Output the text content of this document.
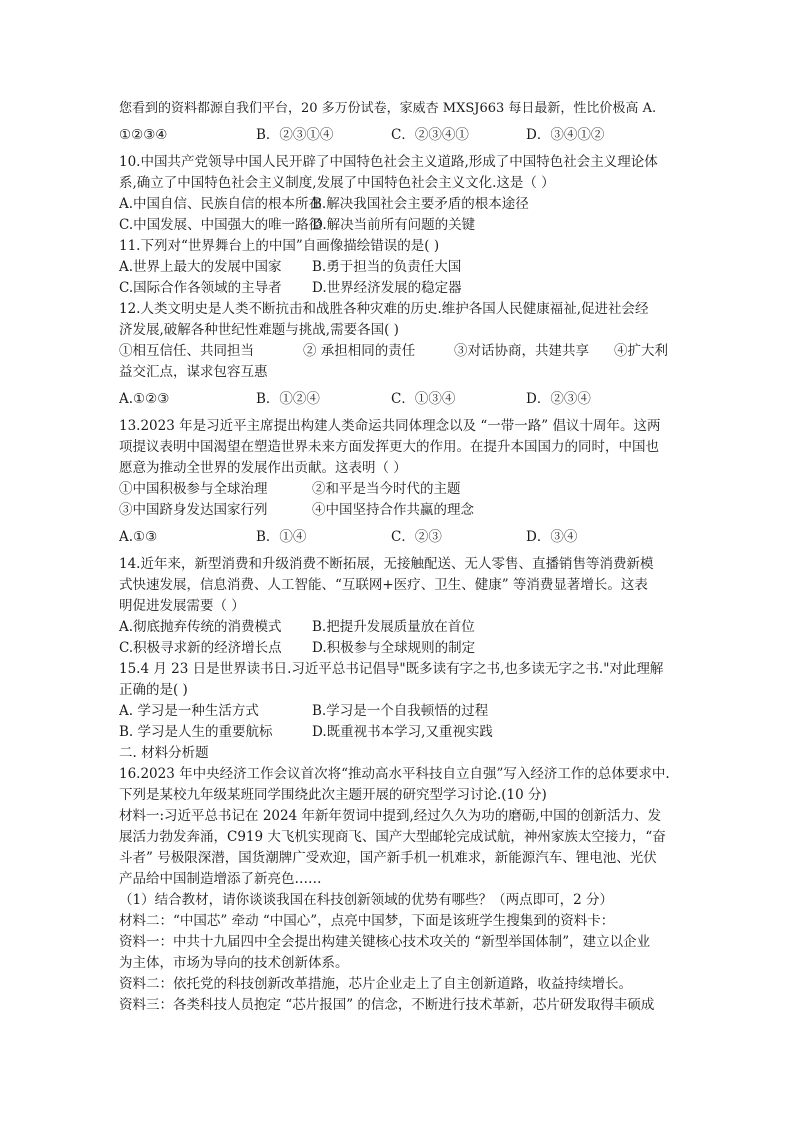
您看到的资料都源自我们平台，20 多万份试卷，家威杏 MXSJ663 每日最新，性比价极高 A.
①②③④	B．②③①④	C．②③④①	D．③④①②
10.中国共产党领导中国人民开辟了中国特色社会主义道路,形成了中国特色社会主义理论体
系,确立了中国特色社会主义制度,发展了中国特色社会主义文化.这是（ ）
A.中国自信、民族自信的根本所在
B.解决我国社会主要矛盾的根本途径
C.中国发展、中国强大的唯一路径
D.解决当前所有问题的关键
11.下列对“世界舞台上的中国”自画像描绘错误的是( )
A.世界上最大的发展中国家	B.勇于担当的负责任大国
C.国际合作各领域的主导者	D.世界经济发展的稳定器
12.人类文明史是人类不断抗击和战胜各种灾难的历史.维护各国人民健康福祉,促进社会经
济发展,破解各种世纪性难题与挑战,需要各国( )
①相互信任、共同担当	② 承担相同的责任	③对话协商，共建共享	④扩大利
益交汇点，谋求包容互惠
A.①②③	B．①②④	C．①③④	D．②③④
13.2023 年是习近平主席提出构建人类命运共同体理念以及 “一带一路” 倡议十周年。这两
项提议表明中国渴望在塑造世界未来方面发挥更大的作用。在提升本国国力的同时，中国也
愿意为推动全世界的发展作出贡献。这表明（ ）
①中国积极参与全球治理	②和平是当今时代的主题
③中国跻身发达国家行列	④中国坚持合作共赢的理念
A.①③	B．①④	C．②③	D．③④
14.近年来，新型消费和升级消费不断拓展，无接触配送、无人零售、直播销售等消费新模
式快速发展，信息消费、人工智能、“互联网+医疗、卫生、健康” 等消费显著增长。这表
明促进发展需要（ ）
A.彻底抛弃传统的消费模式	B.把提升发展质量放在首位
C.积极寻求新的经济增长点	D.积极参与全球规则的制定
15.4 月 23 日是世界读书日.习近平总书记倡导"既多读有字之书,也多读无字之书."对此理解
正确的是( )
A. 学习是一种生活方式	B.学习是一个自我顿悟的过程
B. 学习是人生的重要航标	D.既重视书本学习,又重视实践
二. 材料分析题
16.2023 年中央经济工作会议首次将“推动高水平科技自立自强”写入经济工作的总体要求中.
下列是某校九年级某班同学围绕此次主题开展的研究型学习讨论.(10 分)
材料一:习近平总书记在 2024 年新年贺词中提到,经过久久为功的磨砺,中国的创新活力、发
展活力勃发奔涌，C919 大飞机实现商飞、国产大型邮轮完成试航，神州家族太空接力，“奋
斗者” 号极限深潜，国货潮牌广受欢迎，国产新手机一机难求，新能源汽车、锂电池、光伏
产品给中国制造增添了新亮色……
（1）结合教材，请你谈谈我国在科技创新领域的优势有哪些？（两点即可，2 分）
材料二：“中国芯” 牵动 “中国心”，点亮中国梦，下面是该班学生搜集到的资料卡：
资料一：中共十九届四中全会提出构建关键核心技术攻关的 “新型举国体制”，建立以企业
为主体，市场为导向的技术创新体系。
资料二：依托党的科技创新改革措施，芯片企业走上了自主创新道路，收益持续增长。
资料三：各类科技人员抱定 “芯片报国” 的信念，不断进行技术革新，芯片研发取得丰硕成
